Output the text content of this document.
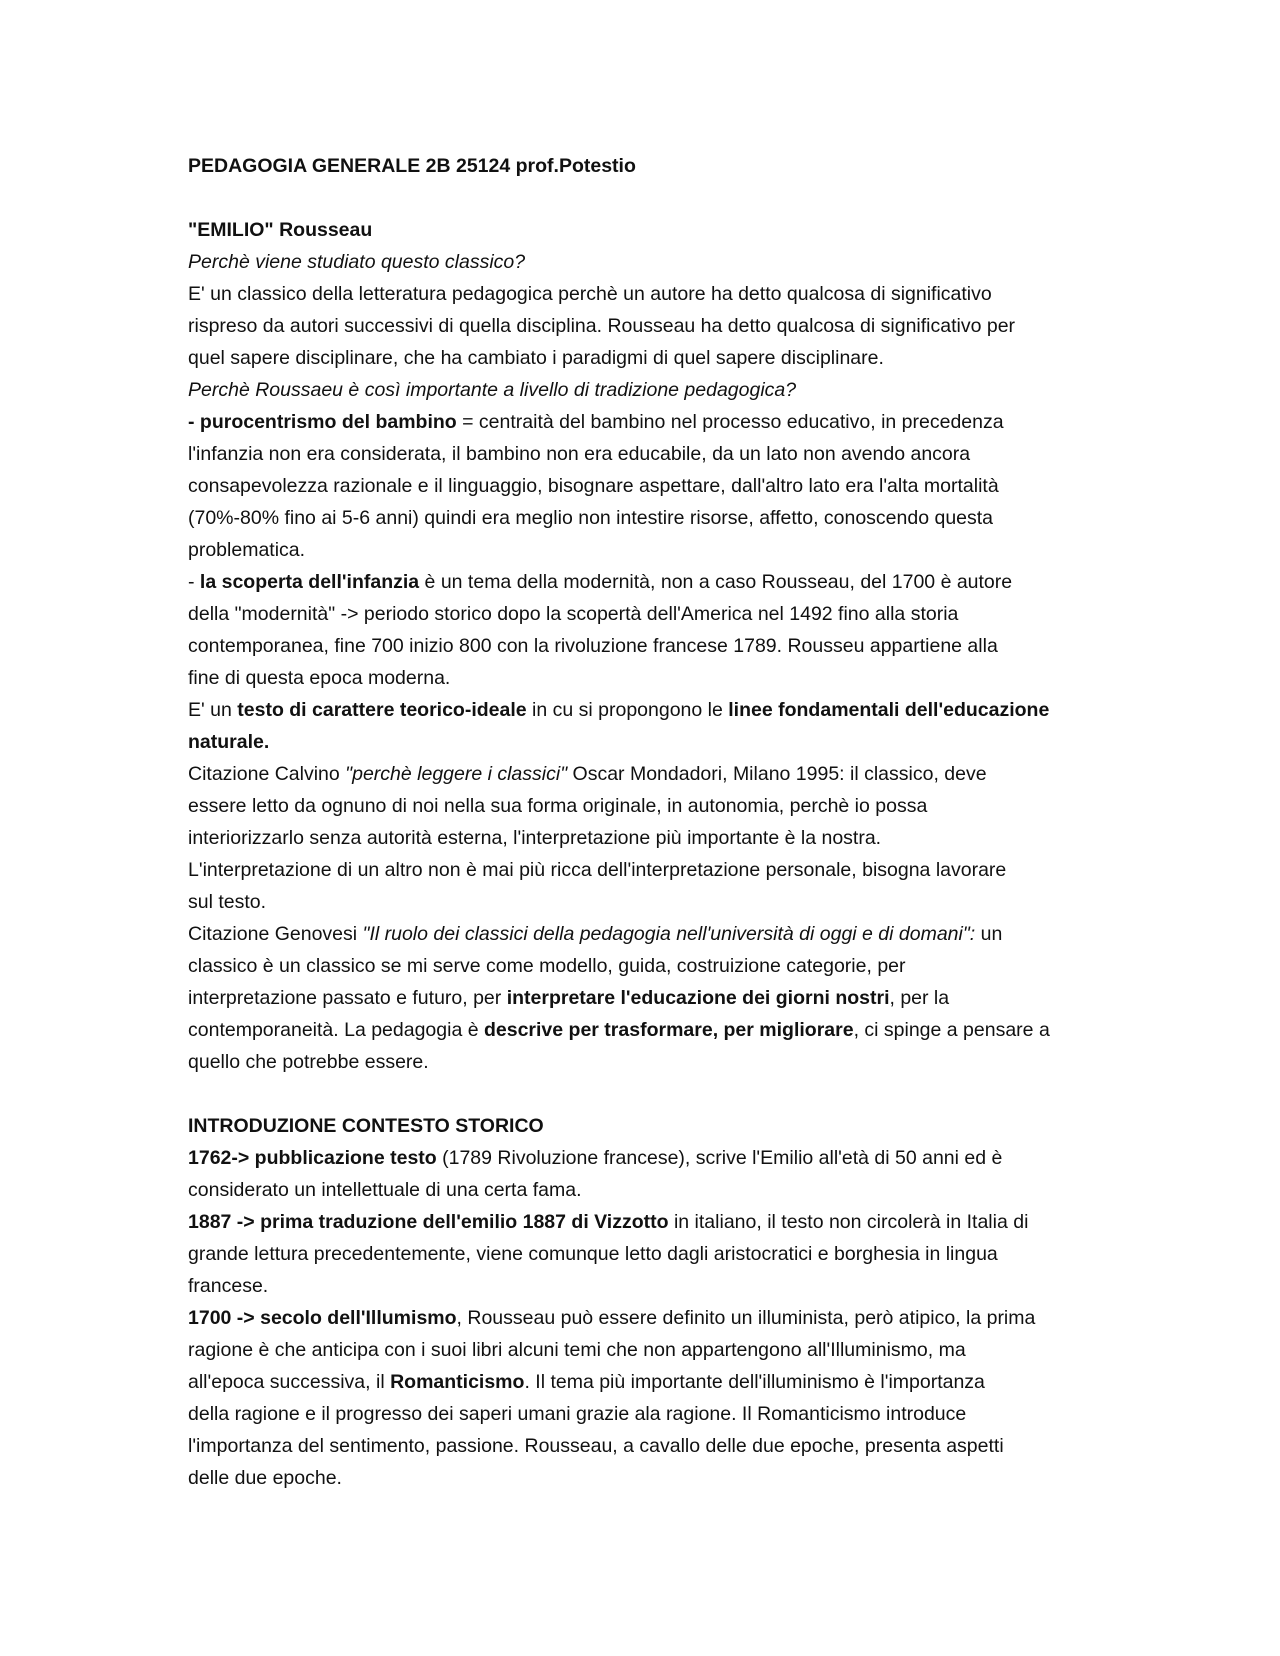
PEDAGOGIA GENERALE 2B 25124 prof.Potestio
"EMILIO" Rousseau
Perchè viene studiato questo classico?
E' un classico della letteratura pedagogica perchè un autore ha detto qualcosa di significativo
rispreso da autori successivi di quella disciplina. Rousseau ha detto qualcosa di significativo per
quel sapere disciplinare, che ha cambiato i paradigmi di quel sapere disciplinare.
Perchè Roussaeu è così importante a livello di tradizione pedagogica?
- purocentrismo del bambino = centraità del bambino nel processo educativo, in precedenza
l'infanzia non era considerata, il bambino non era educabile, da un lato non avendo ancora
consapevolezza razionale e il linguaggio, bisognare aspettare, dall'altro lato era l'alta mortalità
(70%-80% fino ai 5-6 anni) quindi era meglio non intestire risorse, affetto, conoscendo questa
problematica.
- la scoperta dell'infanzia è un tema della modernità, non a caso Rousseau, del 1700 è autore
della "modernità" -> periodo storico dopo la scopertà dell'America nel 1492 fino alla storia
contemporanea, fine 700 inizio 800 con la rivoluzione francese 1789. Rousseu appartiene alla
fine di questa epoca moderna.
E' un testo di carattere teorico-ideale in cu si propongono le linee fondamentali dell'educazione
naturale.
Citazione Calvino "perchè leggere i classici" Oscar Mondadori, Milano 1995: il classico, deve
essere letto da ognuno di noi nella sua forma originale, in autonomia, perchè io possa
interiorizzarlo senza autorità esterna, l'interpretazione più importante è la nostra.
L'interpretazione di un altro non è mai più ricca dell'interpretazione personale, bisogna lavorare
sul testo.
Citazione Genovesi "Il ruolo dei classici della pedagogia nell'università di oggi e di domani": un
classico è un classico se mi serve come modello, guida, costruizione categorie, per
interpretazione passato e futuro, per interpretare l'educazione dei giorni nostri, per la
contemporaneità. La pedagogia è descrive per trasformare, per migliorare, ci spinge a pensare a
quello che potrebbe essere.
INTRODUZIONE CONTESTO STORICO
1762-> pubblicazione testo (1789 Rivoluzione francese), scrive l'Emilio all'età di 50 anni ed è
considerato un intellettuale di una certa fama.
1887 -> prima traduzione dell'emilio 1887 di Vizzotto in italiano, il testo non circolerà in Italia di
grande lettura precedentemente, viene comunque letto dagli aristocratici e borghesia in lingua
francese.
1700 -> secolo dell'Illumismo, Rousseau può essere definito un illuminista, però atipico, la prima
ragione è che anticipa con i suoi libri alcuni temi che non appartengono all'Illuminismo, ma
all'epoca successiva, il Romanticismo. Il tema più importante dell'illuminismo è l'importanza
della ragione e il progresso dei saperi umani grazie ala ragione. Il Romanticismo introduce
l'importanza del sentimento, passione. Rousseau, a cavallo delle due epoche, presenta aspetti
delle due epoche.
